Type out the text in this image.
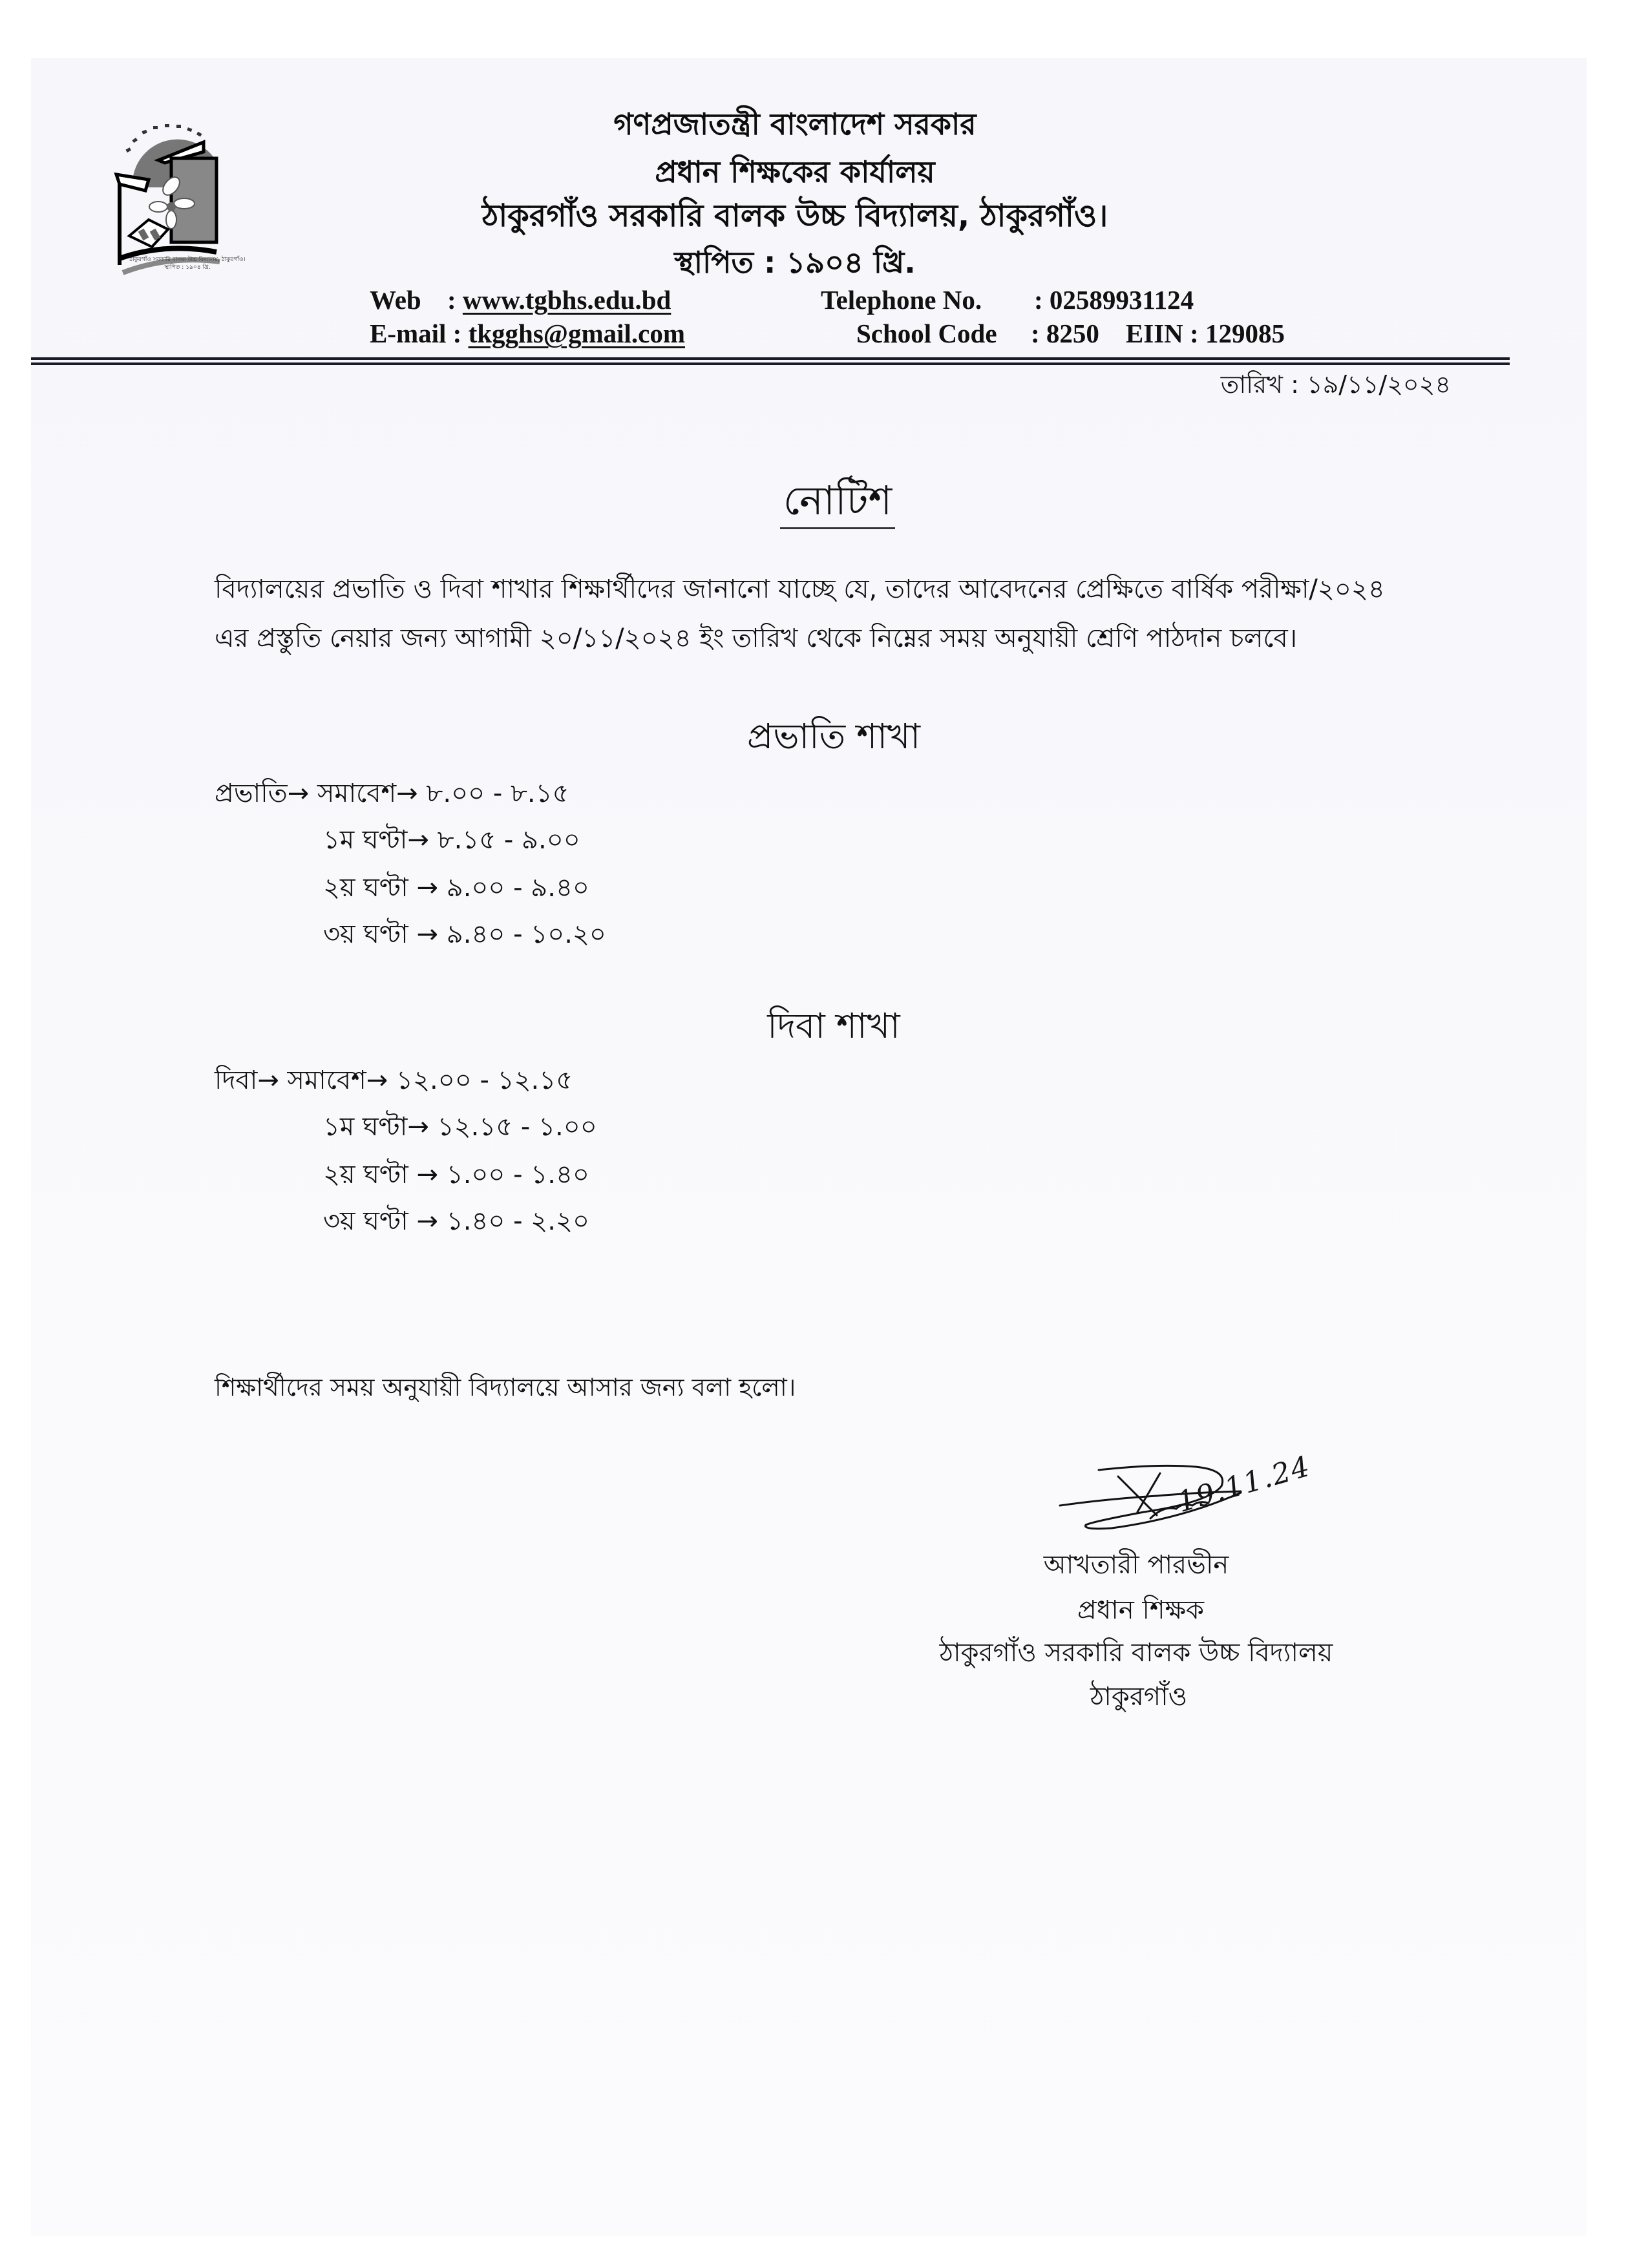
ঠাকুরগাঁও সরকারি বালক উচ্চ বিদ্যালয়, ঠাকুরগাঁও।
স্থাপিত : ১৯০৪ খ্রি.
গণপ্রজাতন্ত্রী বাংলাদেশ সরকার
প্রধান শিক্ষকের কার্যালয়
ঠাকুরগাঁও সরকারি বালক উচ্চ বিদ্যালয়, ঠাকুরগাঁও।
স্থাপিত : ১৯০৪ খ্রি.
Web : www.tgbhs.edu.bd
E-mail : tkgghs@gmail.com
Telephone No. : 02589931124
School Code : 8250 EIIN : 129085
তারিখ : ১৯/১১/২০২৪
নোটিশ
বিদ্যালয়ের প্রভাতি ও দিবা শাখার শিক্ষার্থীদের জানানো যাচ্ছে যে, তাদের আবেদনের প্রেক্ষিতে বার্ষিক পরীক্ষা/২০২৪
এর প্রস্তুতি নেয়ার জন্য আগামী ২০/১১/২০২৪ ইং তারিখ থেকে নিম্নের সময় অনুযায়ী শ্রেণি পাঠদান চলবে।
প্রভাতি শাখা
প্রভাতি→ সমাবেশ→ ৮.০০ - ৮.১৫
১ম ঘণ্টা→ ৮.১৫ - ৯.০০
২য় ঘণ্টা → ৯.০০ - ৯.৪০
৩য় ঘণ্টা → ৯.৪০ - ১০.২০
দিবা শাখা
দিবা→ সমাবেশ→ ১২.০০ - ১২.১৫
১ম ঘণ্টা→ ১২.১৫ - ১.০০
২য় ঘণ্টা → ১.০০ - ১.৪০
৩য় ঘণ্টা → ১.৪০ - ২.২০
শিক্ষার্থীদের সময় অনুযায়ী বিদ্যালয়ে আসার জন্য বলা হলো।
19.11.24
আখতারী পারভীন
প্রধান শিক্ষক
ঠাকুরগাঁও সরকারি বালক উচ্চ বিদ্যালয়
ঠাকুরগাঁও
